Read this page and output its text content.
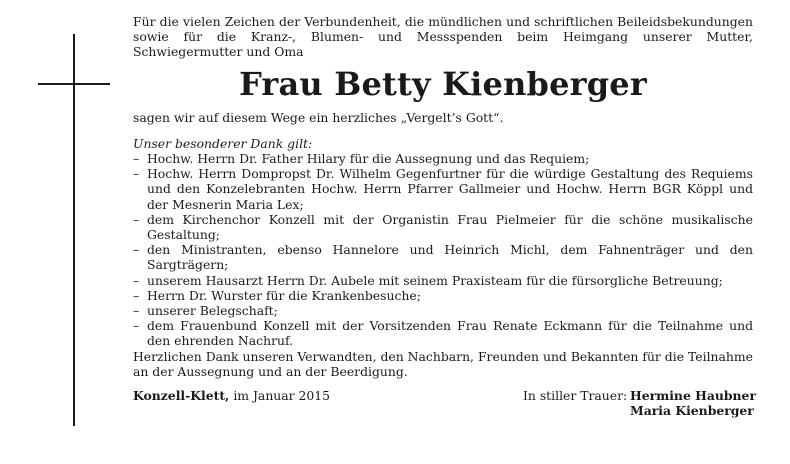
Für die vielen Zeichen der Verbundenheit, die mündlichen und schriftlichen Beileidsbekundungen sowie für die Kranz-, Blumen- und Messspenden beim Heimgang unserer Mutter, Schwiegermutter und Oma

Frau Betty Kienberger

sagen wir auf diesem Wege ein herzliches „Vergelt’s Gott“.

Unser besonderer Dank gilt:

– Hochw. Herrn Dr. Father Hilary für die Aussegnung und das Requiem;
– Hochw. Herrn Dompropst Dr. Wilhelm Gegenfurtner für die würdige Gestaltung des Requiems und den Konzelebranten Hochw. Herrn Pfarrer Gallmeier und Hochw. Herrn BGR Köppl und der Mesnerin Maria Lex;
– dem Kirchenchor Konzell mit der Organistin Frau Pielmeier für die schöne musikalische Gestaltung;
– den Ministranten, ebenso Hannelore und Heinrich Michl, dem Fahnenträger und den Sargträgern;
– unserem Hausarzt Herrn Dr. Aubele mit seinem Praxisteam für die fürsorgliche Betreuung;
– Herrn Dr. Wurster für die Krankenbesuche;
– unserer Belegschaft;
– dem Frauenbund Konzell mit der Vorsitzenden Frau Renate Eckmann für die Teilnahme und den ehrenden Nachruf.

Herzlichen Dank unseren Verwandten, den Nachbarn, Freunden und Bekannten für die Teilnahme an der Aussegnung und an der Beerdigung.

Konzell-Klett, im Januar 2015	In stiller Trauer: Hermine Haubner
Maria Kienberger
